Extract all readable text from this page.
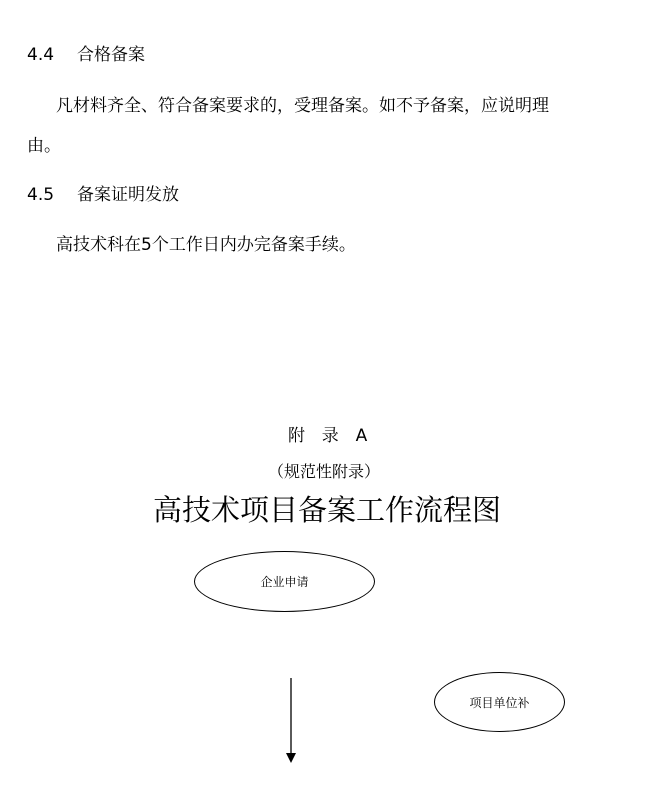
4.4 合格备案
凡材料齐全、符合备案要求的，受理备案。如不予备案，应说明理
由。
4.5 备案证明发放
高技术科在5个工作日内办完备案手续。
附  录  A
（规范性附录）
高技术项目备案工作流程图
企业申请
项目单位补
